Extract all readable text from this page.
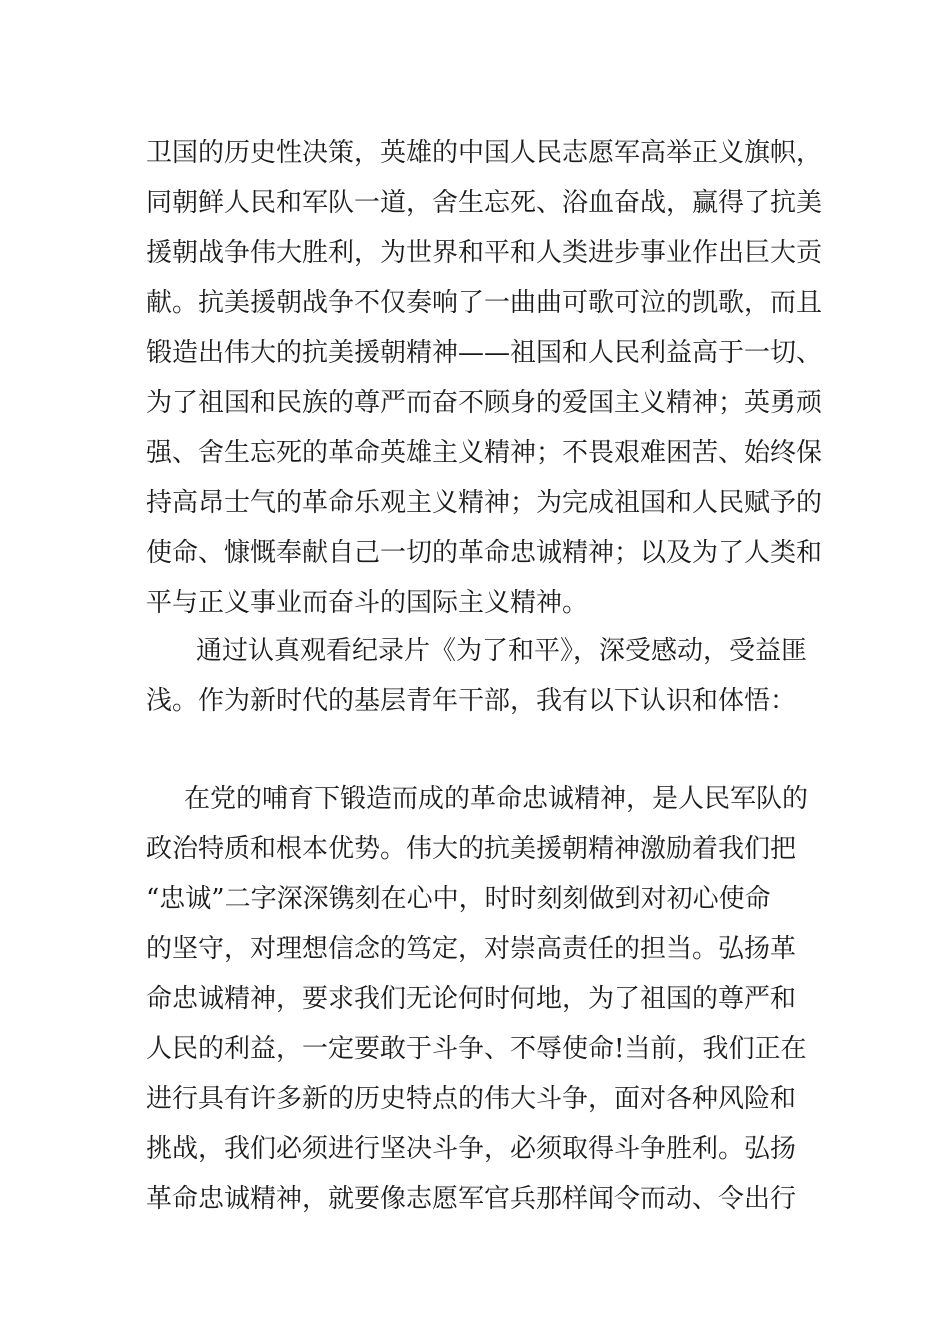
卫国的历史性决策，英雄的中国人民志愿军高举正义旗帜，
同朝鲜人民和军队一道，舍生忘死、浴血奋战，赢得了抗美
援朝战争伟大胜利，为世界和平和人类进步事业作出巨大贡
献。抗美援朝战争不仅奏响了一曲曲可歌可泣的凯歌，而且
锻造出伟大的抗美援朝精神——祖国和人民利益高于一切、
为了祖国和民族的尊严而奋不顾身的爱国主义精神；英勇顽
强、舍生忘死的革命英雄主义精神；不畏艰难困苦、始终保
持高昂士气的革命乐观主义精神；为完成祖国和人民赋予的
使命、慷慨奉献自己一切的革命忠诚精神；以及为了人类和
平与正义事业而奋斗的国际主义精神。
通过认真观看纪录片《为了和平》，深受感动，受益匪
浅。作为新时代的基层青年干部，我有以下认识和体悟：
在党的哺育下锻造而成的革命忠诚精神，是人民军队的
政治特质和根本优势。伟大的抗美援朝精神激励着我们把
“忠诚”二字深深镌刻在心中，时时刻刻做到对初心使命
的坚守，对理想信念的笃定，对崇高责任的担当。弘扬革
命忠诚精神，要求我们无论何时何地，为了祖国的尊严和
人民的利益，一定要敢于斗争、不辱使命!当前，我们正在
进行具有许多新的历史特点的伟大斗争，面对各种风险和
挑战，我们必须进行坚决斗争，必须取得斗争胜利。弘扬
革命忠诚精神，就要像志愿军官兵那样闻令而动、令出行
